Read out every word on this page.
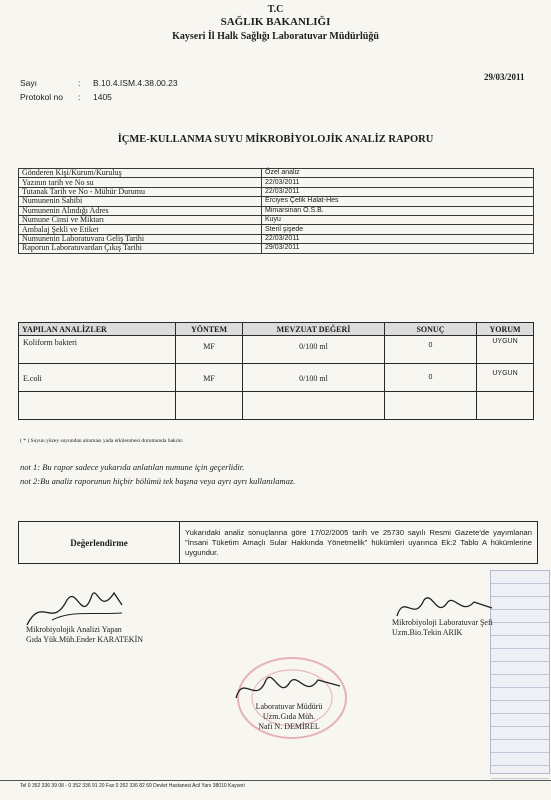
T.C
SAĞLIK BAKANLIĞI
Kayseri İl Halk Sağlığı Laboratuvar Müdürlüğü
Sayı	: B.10.4.ISM.4.38.00.23
Protokol no : 1405
29/03/2011
İÇME-KULLANMA SUYU MİKROBİYOLOJİK ANALİZ RAPORU
Gönderen Kişi/Kurum/Kuruluş	Özel analiz
Yazının tarih ve No su	22/03/2011
Tutanak Tarih ve No - Mühür Durumu	22/03/2011
Numunenin Sahibi	Erciyes Çelik Halat-Hes
Numunenin Alındığı Adres	Mimarsinan O.S.B.
Numune Cinsi ve Miktarı	Kuyu
Ambalaj Şekli ve Etiket	Steril şişede
Numunenin Laboratuvara Geliş Tarihi	22/03/2011
Raporun Laboratuvardan Çıkış Tarihi	29/03/2011
YAPILAN ANALİZLER	YÖNTEM	MEVZUAT DEĞERİ	SONUÇ	YORUM
Koliform bakteri	MF	0/100 ml	0	UYGUN
E.coli	MF	0/100 ml	0	UYGUN

( * ) Suyun yüzey suyundan alınması yada etkilenmesi durumunda bakılır.
not 1: Bu rapor sadece yukarıda anlatılan numune için geçerlidir.
not 2:Bu analiz raporunun hiçbir bölümü tek başına veya ayrı ayrı kullanılamaz.
Değerlendirme	Yukarıdaki analiz sonuçlarına göre 17/02/2005 tarih ve 25730 sayılı Resmi Gazete'de yayımlanan "İnsani Tüketim Amaçlı Sular Hakkında Yönetmelik" hükümleri uyarınca Ek:2 Tablo A hükümlerine uygundur.
Mikrobiyolojik Analizi Yapan
Gıda Yük.Müh.Ender KARATEKİN
Mikrobiyoloji Laboratuvar Şefi
Uzm.Bio.Tekin ARIK
Laboratuvar Müdürü
Uzm.Gıda Müh.
Nafi N. DEMİREL
Tel 0 352 336 39 08 - 0 352 336 91 20 Fax 0 352 336 82 69 Devlet Hastanesi Acil Yanı 38010 Kayseri
